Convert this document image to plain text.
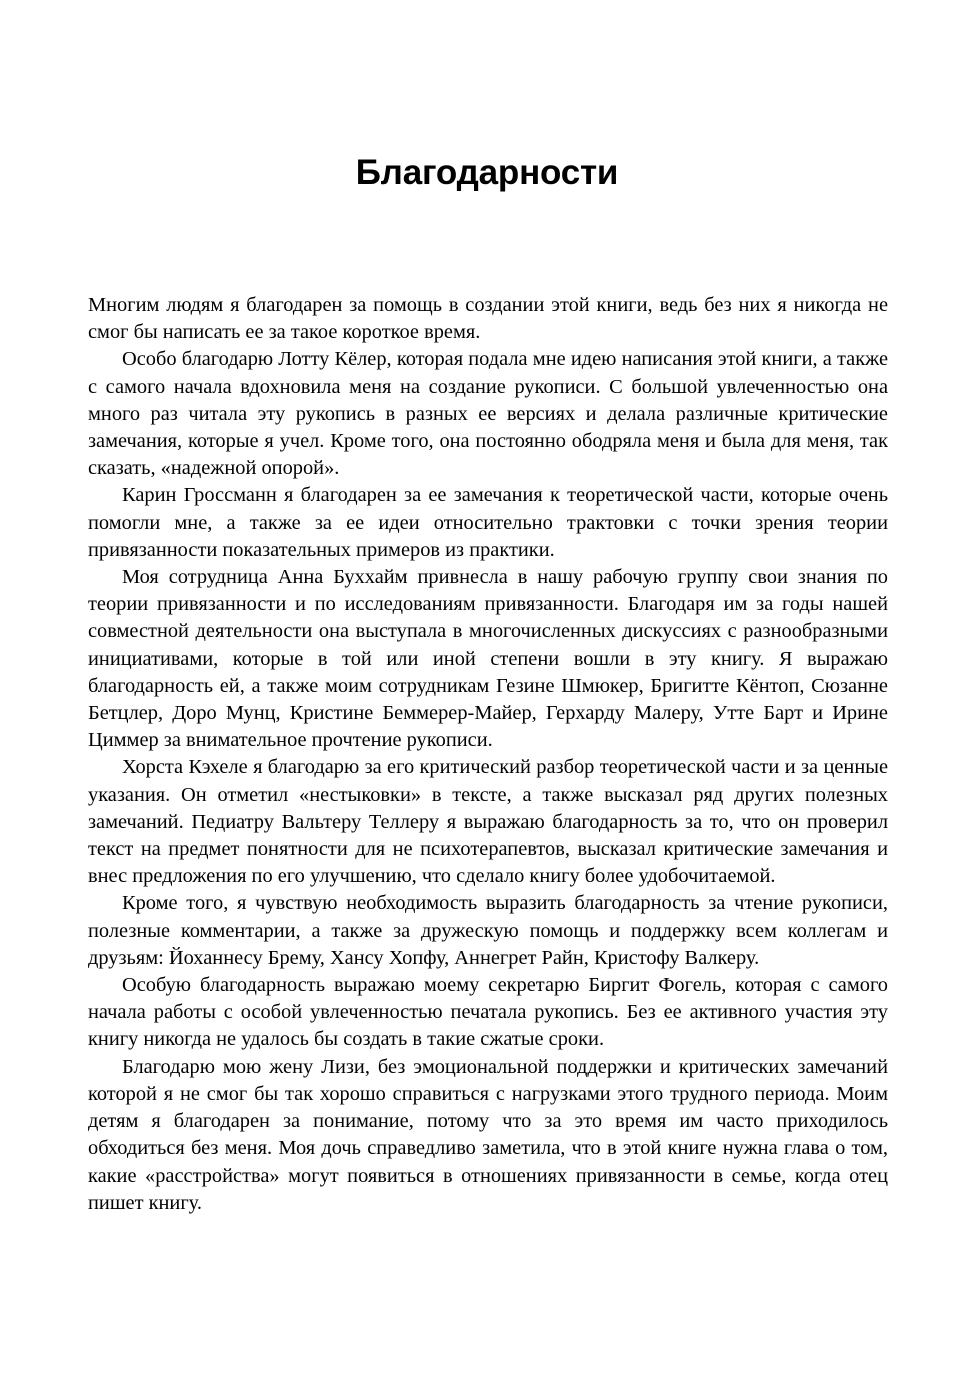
Благодарности

Многим людям я благодарен за помощь в создании этой книги, ведь без них я никогда не смог бы написать ее за такое короткое время.

Особо благодарю Лотту Кёлер, которая подала мне идею написания этой книги, а также с самого начала вдохновила меня на создание рукописи. С большой увлеченностью она много раз читала эту рукопись в разных ее версиях и делала различные критические замечания, которые я учел. Кроме того, она постоянно ободряла меня и была для меня, так сказать, «надежной опорой».

Карин Гроссманн я благодарен за ее замечания к теоретической части, которые очень помогли мне, а также за ее идеи относительно трактовки с точки зрения теории привязанности показательных примеров из практики.

Моя сотрудница Анна Буххайм привнесла в нашу рабочую группу свои знания по теории привязанности и по исследованиям привязанности. Благодаря им за годы нашей совместной деятельности она выступала в многочисленных дискуссиях с разнообразными инициативами, которые в той или иной степени вошли в эту книгу. Я выражаю благодарность ей, а также моим сотрудникам Гезине Шмюкер, Бригитте Кёнтоп, Сюзанне Бетцлер, Доро Мунц, Кристине Беммерер-Майер, Герхарду Малеру, Утте Барт и Ирине Циммер за внимательное прочтение рукописи.

Хорста Кэхеле я благодарю за его критический разбор теоретической части и за ценные указания. Он отметил «нестыковки» в тексте, а также высказал ряд других полезных замечаний. Педиатру Вальтеру Теллеру я выражаю благодарность за то, что он проверил текст на предмет понятности для не психотерапевтов, высказал критические замечания и внес предложения по его улучшению, что сделало книгу более удобочитаемой.

Кроме того, я чувствую необходимость выразить благодарность за чтение рукописи, полезные комментарии, а также за дружескую помощь и поддержку всем коллегам и друзьям: Йоханнесу Брему, Хансу Хопфу, Аннегрет Райн, Кристофу Валкеру.

Особую благодарность выражаю моему секретарю Биргит Фогель, которая с самого начала работы с особой увлеченностью печатала рукопись. Без ее активного участия эту книгу никогда не удалось бы создать в такие сжатые сроки.

Благодарю мою жену Лизи, без эмоциональной поддержки и критических замечаний которой я не смог бы так хорошо справиться с нагрузками этого трудного периода. Моим детям я благодарен за понимание, потому что за это время им часто приходилось обходиться без меня. Моя дочь справедливо заметила, что в этой книге нужна глава о том, какие «расстройства» могут появиться в отношениях привязанности в семье, когда отец пишет книгу.
